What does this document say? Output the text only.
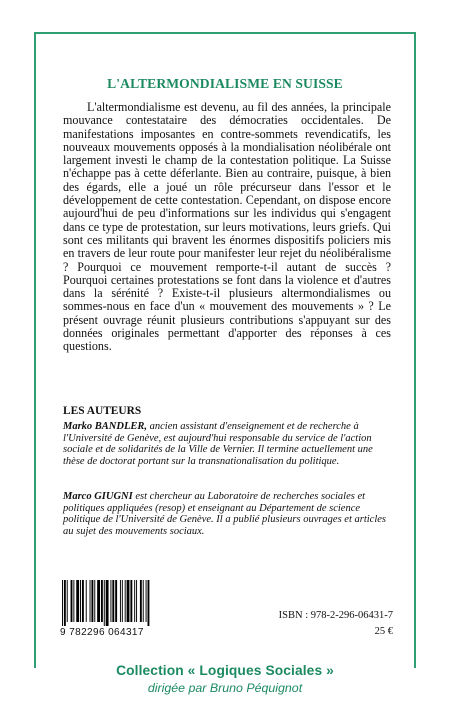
L'ALTERMONDIALISME EN SUISSE

L'altermondialisme est devenu, au fil des années, la principale mouvance contestataire des démocraties occidentales. De manifestations imposantes en contre-sommets revendicatifs, les nouveaux mouvements opposés à la mondialisation néolibérale ont largement investi le champ de la contestation politique. La Suisse n'échappe pas à cette déferlante. Bien au contraire, puisque, à bien des égards, elle a joué un rôle précurseur dans l'essor et le développement de cette contestation. Cependant, on dispose encore aujourd'hui de peu d'informations sur les individus qui s'engagent dans ce type de protestation, sur leurs motivations, leurs griefs. Qui sont ces militants qui bravent les énormes dispositifs policiers mis en travers de leur route pour manifester leur rejet du néolibéralisme ? Pourquoi ce mouvement remporte-t-il autant de succès ? Pourquoi certaines protestations se font dans la violence et d'autres dans la sérénité ? Existe-t-il plusieurs altermondialismes ou sommes-nous en face d'un « mouvement des mouvements » ? Le présent ouvrage réunit plusieurs contributions s'appuyant sur des données originales permettant d'apporter des réponses à ces questions.

LES AUTEURS

Marko BANDLER, ancien assistant d'enseignement et de recherche à l'Université de Genève, est aujourd'hui responsable du service de l'action sociale et de solidarités de la Ville de Vernier. Il termine actuellement une thèse de doctorat portant sur la transnationalisation du politique.

Marco GIUGNI est chercheur au Laboratoire de recherches sociales et politiques appliquées (resop) et enseignant au Département de science politique de l'Université de Genève. Il a publié plusieurs ouvrages et articles au sujet des mouvements sociaux.

9 782296 064317
ISBN : 978-2-296-06431-7
25 €
Collection « Logiques Sociales »
dirigée par Bruno Péquignot
